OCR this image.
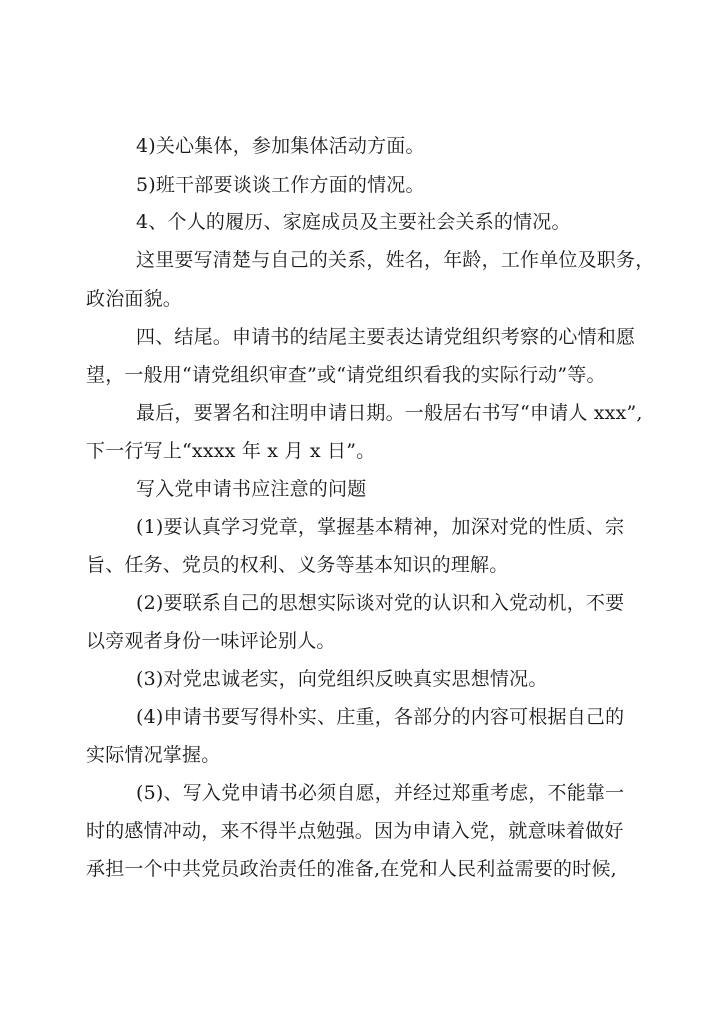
4)关心集体，参加集体活动方面。
5)班干部要谈谈工作方面的情况。
4、个人的履历、家庭成员及主要社会关系的情况。
这里要写清楚与自己的关系，姓名，年龄，工作单位及职务，
政治面貌。
四、结尾。申请书的结尾主要表达请党组织考察的心情和愿
望，一般用“请党组织审查”或“请党组织看我的实际行动”等。
最后，要署名和注明申请日期。一般居右书写“申请人 xxx”,
下一行写上“xxxx 年 x 月 x 日”。
写入党申请书应注意的问题
(1)要认真学习党章，掌握基本精神，加深对党的性质、宗
旨、任务、党员的权利、义务等基本知识的理解。
(2)要联系自己的思想实际谈对党的认识和入党动机，不要
以旁观者身份一味评论别人。
(3)对党忠诚老实，向党组织反映真实思想情况。
(4)申请书要写得朴实、庄重，各部分的内容可根据自己的
实际情况掌握。
(5)、写入党申请书必须自愿，并经过郑重考虑，不能靠一
时的感情冲动，来不得半点勉强。因为申请入党，就意味着做好
承担一个中共党员政治责任的准备,在党和人民利益需要的时候,
